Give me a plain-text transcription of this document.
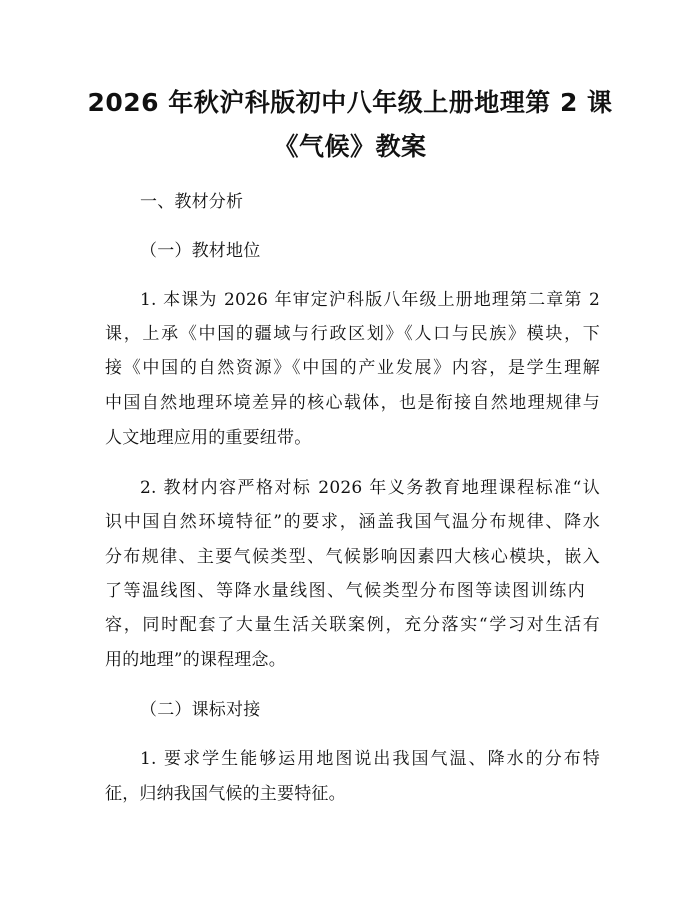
2026 年秋沪科版初中八年级上册地理第 2 课
《气候》教案
一、教材分析
（一）教材地位
1. 本课为 2026 年审定沪科版八年级上册地理第二章第 2
课，上承《中国的疆域与行政区划》《人口与民族》模块，下
接《中国的自然资源》《中国的产业发展》内容，是学生理解
中国自然地理环境差异的核心载体，也是衔接自然地理规律与
人文地理应用的重要纽带。
2. 教材内容严格对标 2026 年义务教育地理课程标准“认
识中国自然环境特征”的要求，涵盖我国气温分布规律、降水
分布规律、主要气候类型、气候影响因素四大核心模块，嵌入
了等温线图、等降水量线图、气候类型分布图等读图训练内
容，同时配套了大量生活关联案例，充分落实“学习对生活有
用的地理”的课程理念。
（二）课标对接
1. 要求学生能够运用地图说出我国气温、降水的分布特
征，归纳我国气候的主要特征。
